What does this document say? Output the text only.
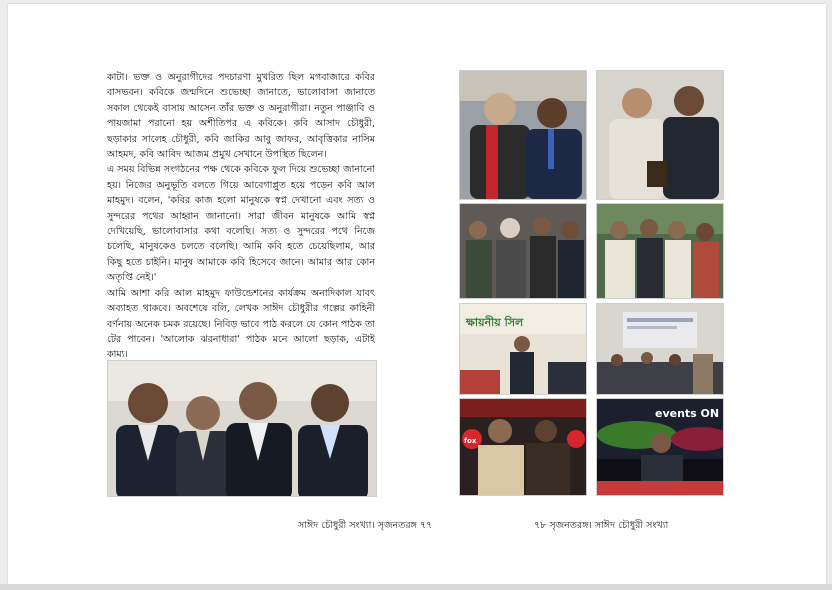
কাটা। ভক্ত ও অনুরাগীদের পদচারণা মুখরিত ছিল মগবাজারে কবির বাসভবন। কবিকে জন্মদিনে শুভেচ্ছা জানাতে, ভালোবাসা জানাতে সকাল থেকেই বাসায় আসেন তাঁর ভক্ত ও অনুরাগীরা। নতুন পাঞ্জাবি ও পায়জামা পরানো হয় অশীতিপর এ কবিকে। কবি আসাদ চৌধুরী, ছড়াকার সালেহ চৌধুরী, কবি জাকির আবু জাফর, আবৃত্তিকার নাসিম আহমদ, কবি আবিদ আজম প্রমুখ সেখানে উপস্থিত ছিলেন।

এ সময় বিভিন্ন সংগঠনের পক্ষ থেকে কবিকে ফুল দিয়ে শুভেচ্ছা জানানো হয়। নিজের অনুভূতি বলতে গিয়ে আবেগাপ্লুত হয়ে পড়েন কবি আল মাহমুদ। বলেন, 'কবির কাজ হলো মানুষকে স্বপ্ন দেখানো এবং সত্য ও সুন্দরের পথের আহ্বান জানানো। সারা জীবন মানুষকে আমি স্বপ্ন দেখিয়েছি, ভালোবাসার কথা বলেছি। সত্য ও সুন্দরের পথে নিজে চলেছি, মানুষকেও চলতে বলেছি। আমি কবি হতে চেয়েছিলাম, আর কিছু হতে চাইনি। মানুষ আমাকে কবি হিসেবে জানে। আমার আর কোন অতৃপ্তি নেই।'

আমি আশা করি আল মাহমুদ ফাউন্ডেশনের কার্যক্রম অনাদিকাল যাবৎ অব্যাহত থাকবে। অবশেষে বলি, লেখক সাঈদ চৌধুরীর গল্পের কাহিনী বর্ণনায় অনেক চমক রয়েছে। নিবিড় ভাবে পাঠ করলে যে কোন পাঠক তা টের পাবেন। 'আলোক ঝরনাধারা' পাঠক মনে আলো ছড়াক, এটাই কাম্য।

ক্ষায়নীয় সিল
fox
events ON
সাঈদ চৌধুরী সংখ্যা। সৃজনতরঙ্গ ৭৭	৭৮ সৃজনতরঙ্গ। সাঈদ চৌধুরী সংখ্যা
